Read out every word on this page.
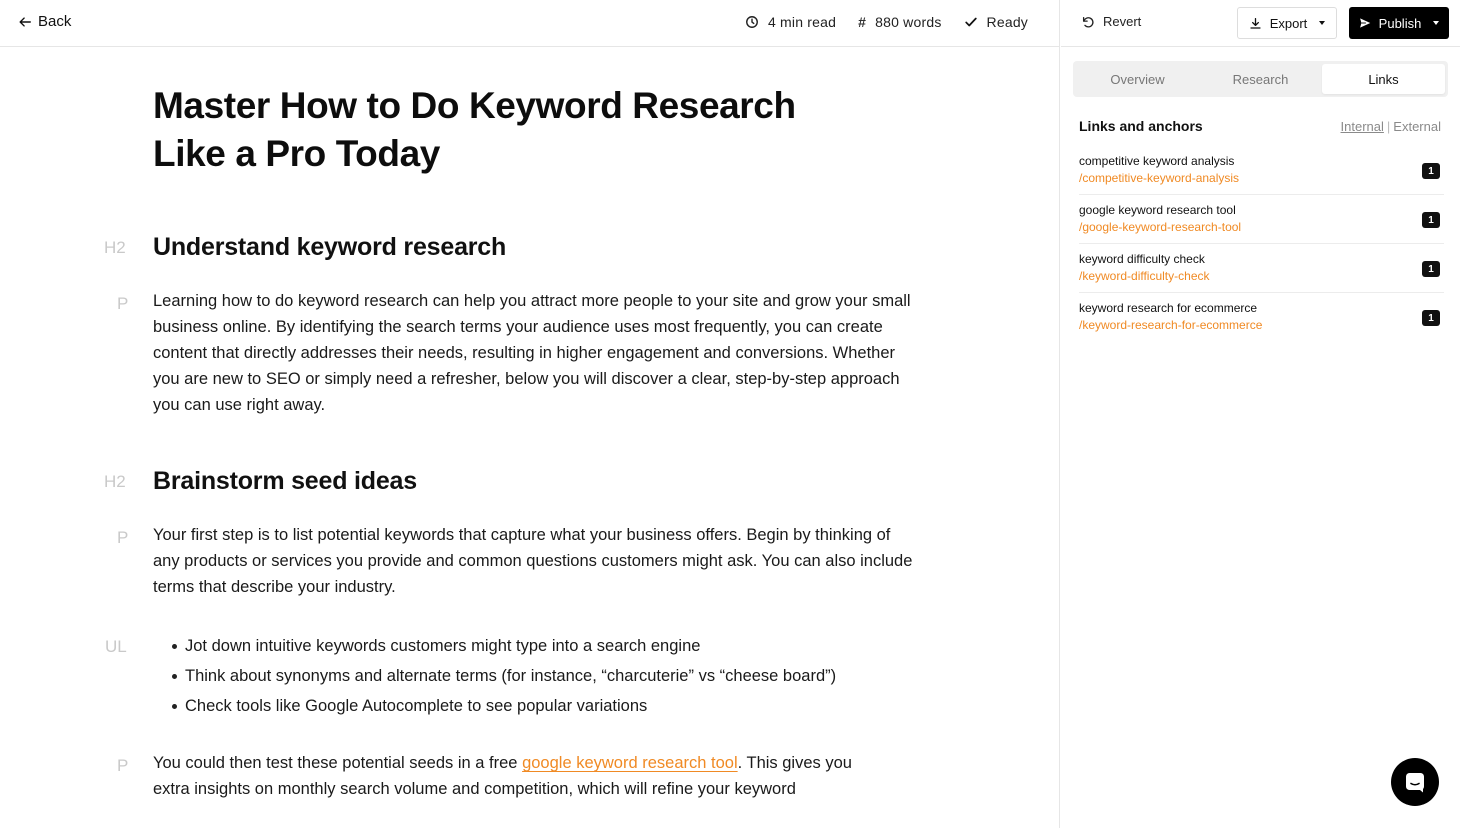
Back	4 min read # 880 words	Ready	Revert	Export	Publish
Master How to Do Keyword Research
Like a Pro Today
H2	Understand keyword research
P	Learning how to do keyword research can help you attract more people to your site and grow your small business online. By identifying the search terms your audience uses most frequently, you can create content that directly addresses their needs, resulting in higher engagement and conversions. Whether you are new to SEO or simply need a refresher, below you will discover a clear, step-by-step approach you can use right away.

H2	Brainstorm seed ideas
P	Your first step is to list potential keywords that capture what your business offers. Begin by thinking of any products or services you provide and common questions customers might ask. You can also include terms that describe your industry.

UL	Jot down intuitive keywords customers might type into a search engine
Think about synonyms and alternate terms (for instance, “charcuterie” vs “cheese board”)
Check tools like Google Autocomplete to see popular variations
P	You could then test these potential seeds in a free google keyword research tool. This gives you extra insights on monthly search volume and competition, which will refine your keyword

Overview	Research	Links
Links and anchors	Internal | External
competitive keyword analysis
/competitive-keyword-analysis	1
google keyword research tool
/google-keyword-research-tool	1
keyword difficulty check
/keyword-difficulty-check	1
keyword research for ecommerce
/keyword-research-for-ecommerce	1
